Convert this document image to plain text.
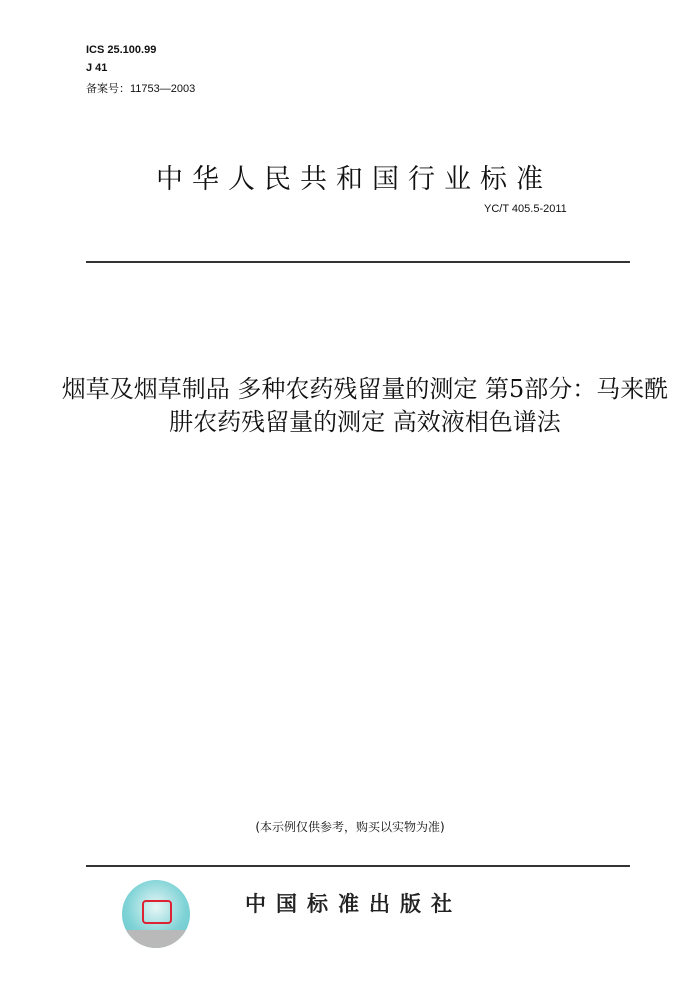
ICS 25.100.99
J 41
备案号：11753—2003
中华人民共和国行业标准
YC/T 405.5-2011
烟草及烟草制品 多种农药残留量的测定 第5部分：马来酰肼农药残留量的测定 高效液相色谱法
(本示例仅供参考，购买以实物为准)
中国标准出版社
